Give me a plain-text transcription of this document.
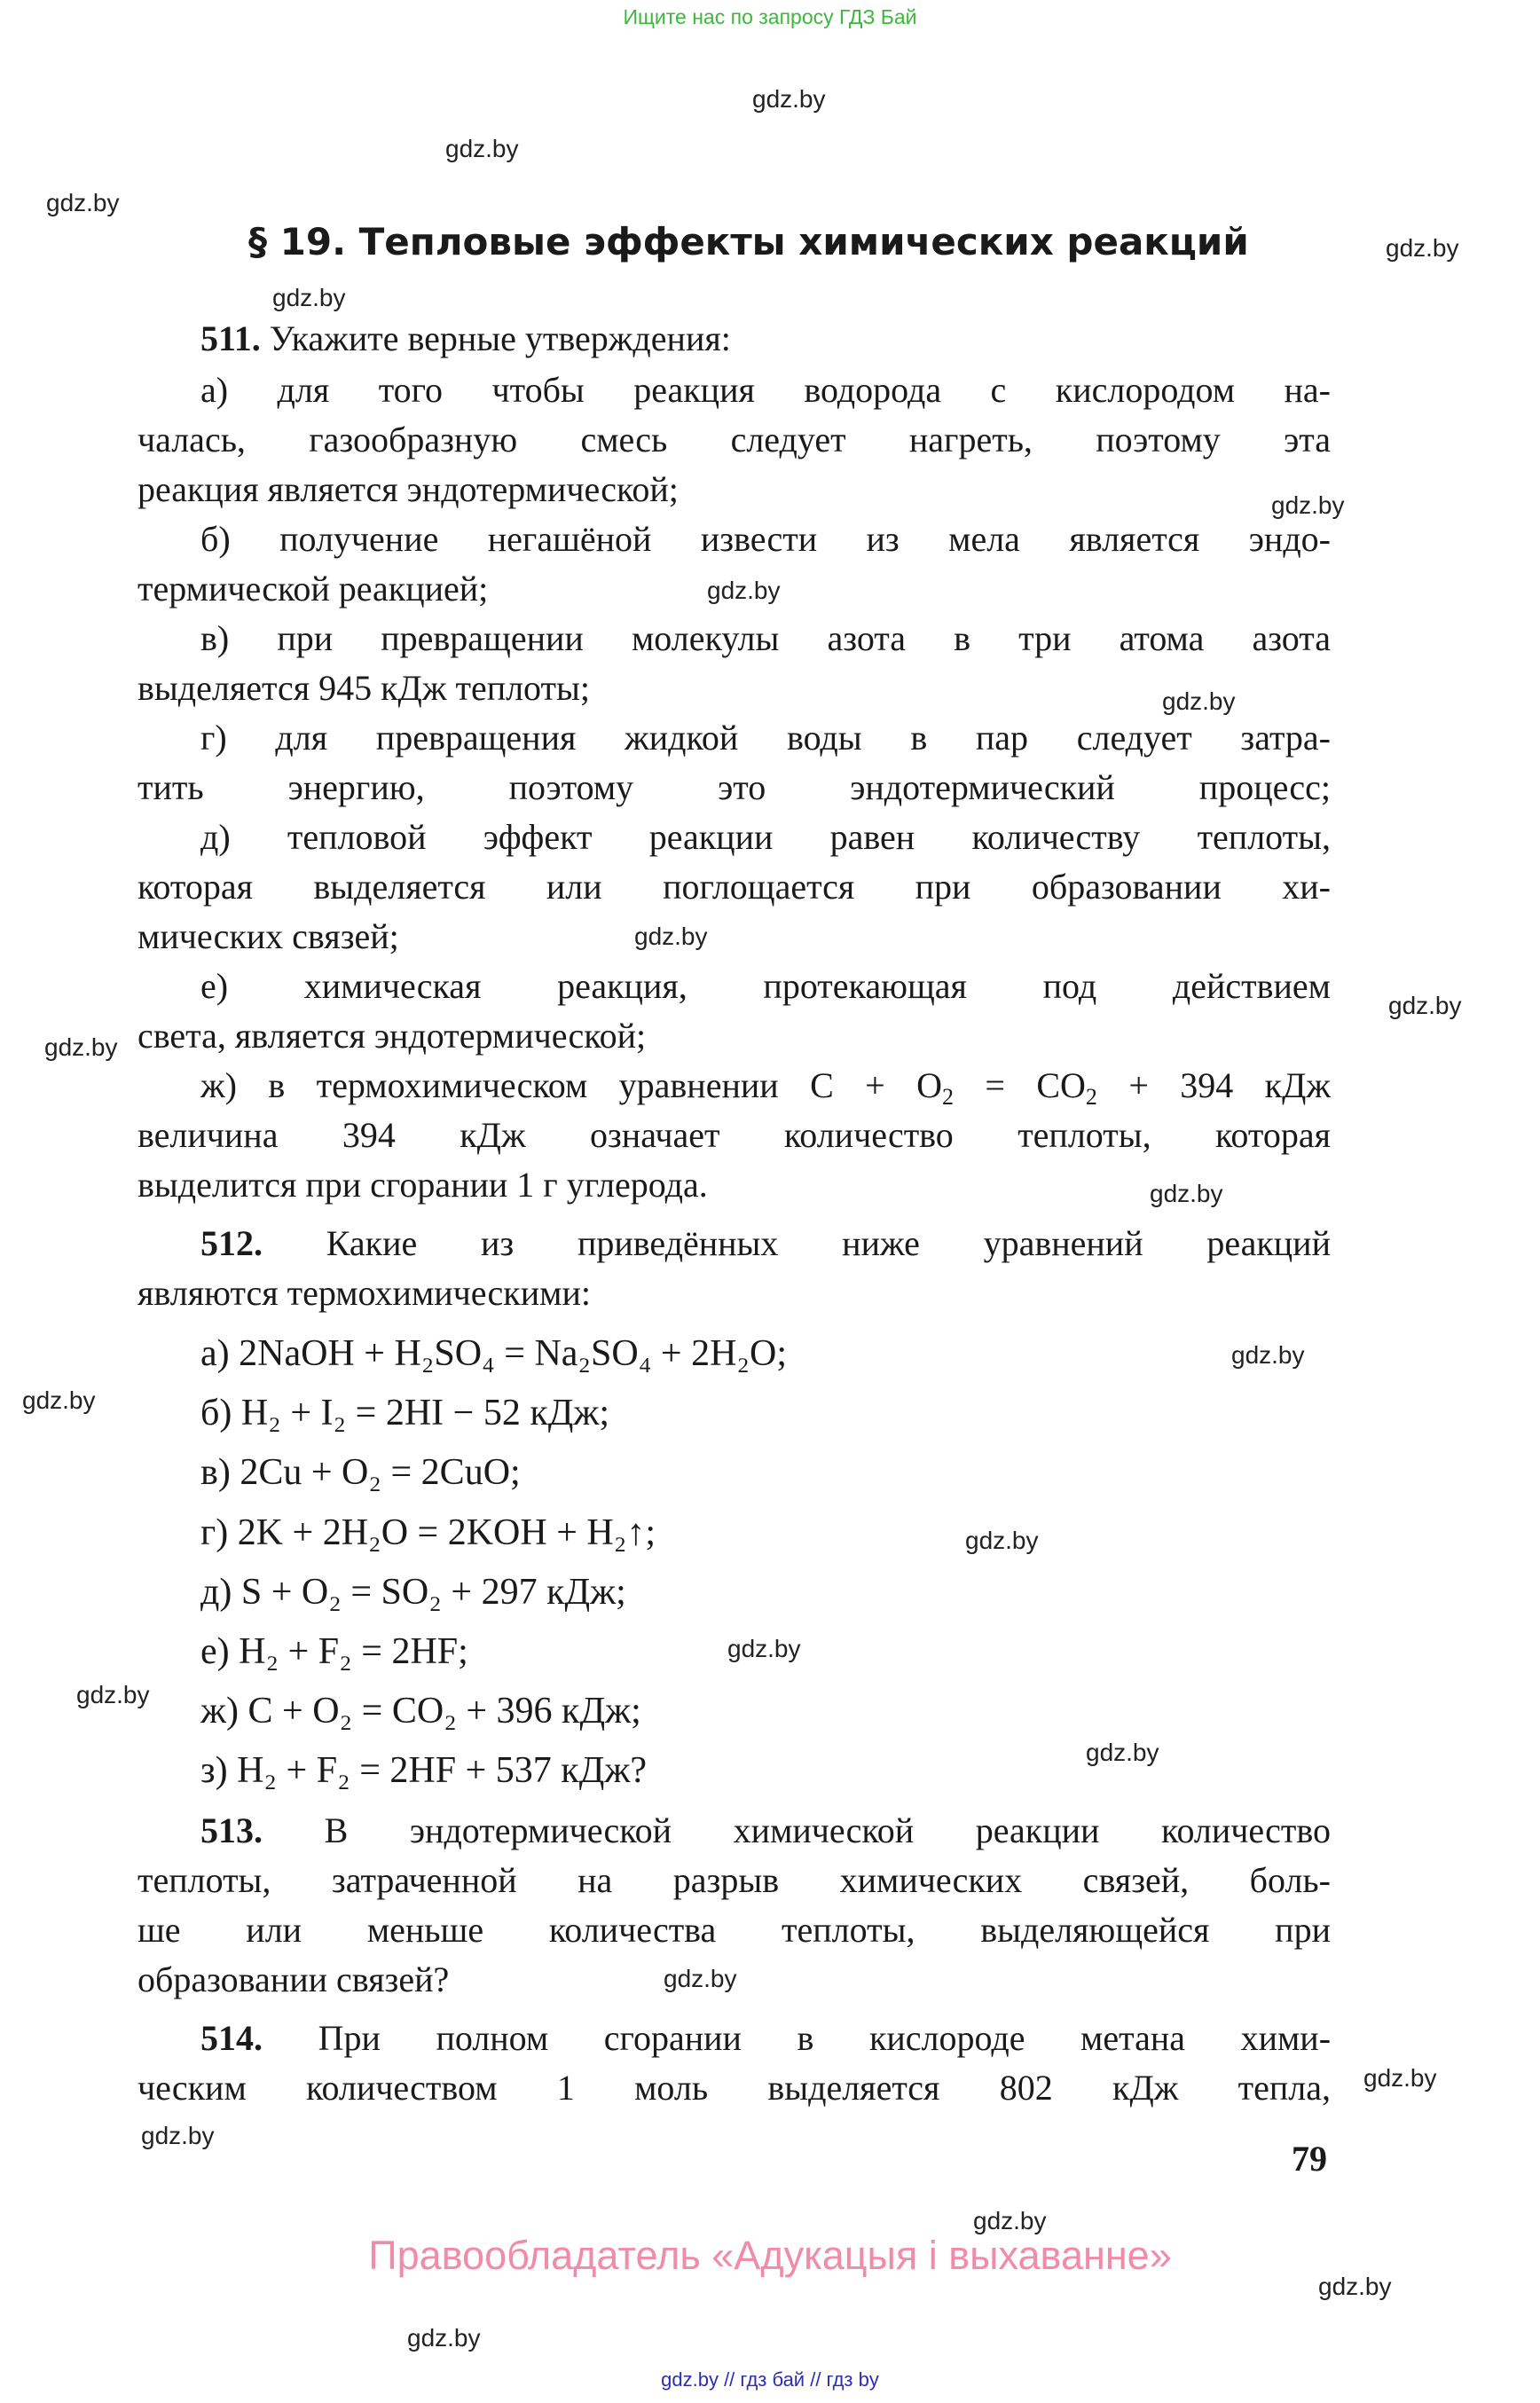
Ищите нас по запросу ГДЗ Бай
gdz.by
gdz.by
gdz.by
gdz.by
gdz.by
gdz.by
gdz.by
gdz.by
gdz.by
gdz.by
gdz.by
gdz.by
gdz.by
gdz.by
gdz.by
gdz.by
gdz.by
gdz.by
gdz.by
gdz.by
gdz.by
gdz.by
gdz.by
gdz.by
§ 19. Тепловые эффекты химических реакций
511. Укажите верные утверждения:
а) для того чтобы реакция водорода с кислородом на-
чалась, газообразную смесь следует нагреть, поэтому эта
реакция является эндотермической;
б) получение негашёной извести из мела является эндо-
термической реакцией;
в) при превращении молекулы азота в три атома азота
выделяется 945 кДж теплоты;
г) для превращения жидкой воды в пар следует затра-
тить энергию, поэтому это эндотермический процесс;
д) тепловой эффект реакции равен количеству теплоты,
которая выделяется или поглощается при образовании хи-
мических связей;
е) химическая реакция, протекающая под действием
света, является эндотермической;
ж) в термохимическом уравнении $C + O_2 = CO_2 + 394$ кДж
величина 394 кДж означает количество теплоты, которая
выделится при сгорании 1 г углерода.
512. Какие из приведённых ниже уравнений реакций
являются термохимическими:
а) 2NaOH + H₂SO₄ = Na₂SO₄ + 2H₂O;
б) H₂ + I₂ = 2HI − 52 кДж;
в) 2Cu + O₂ = 2CuO;
г) 2K + 2H₂O = 2KOH + H₂↑;
д) S + O₂ = SO₂ + 297 кДж;
е) H₂ + F₂ = 2HF;
ж) C + O₂ = CO₂ + 396 кДж;
з) H₂ + F₂ = 2HF + 537 кДж?
513. В эндотермической химической реакции количество
теплоты, затраченной на разрыв химических связей, боль-
ше или меньше количества теплоты, выделяющейся при
образовании связей?
514. При полном сгорании в кислороде метана хими-
ческим количеством 1 моль выделяется 802 кДж тепла,
79
Правообладатель «Адукацыя і выхаванне»
gdz.by // гдз бай // гдз by
